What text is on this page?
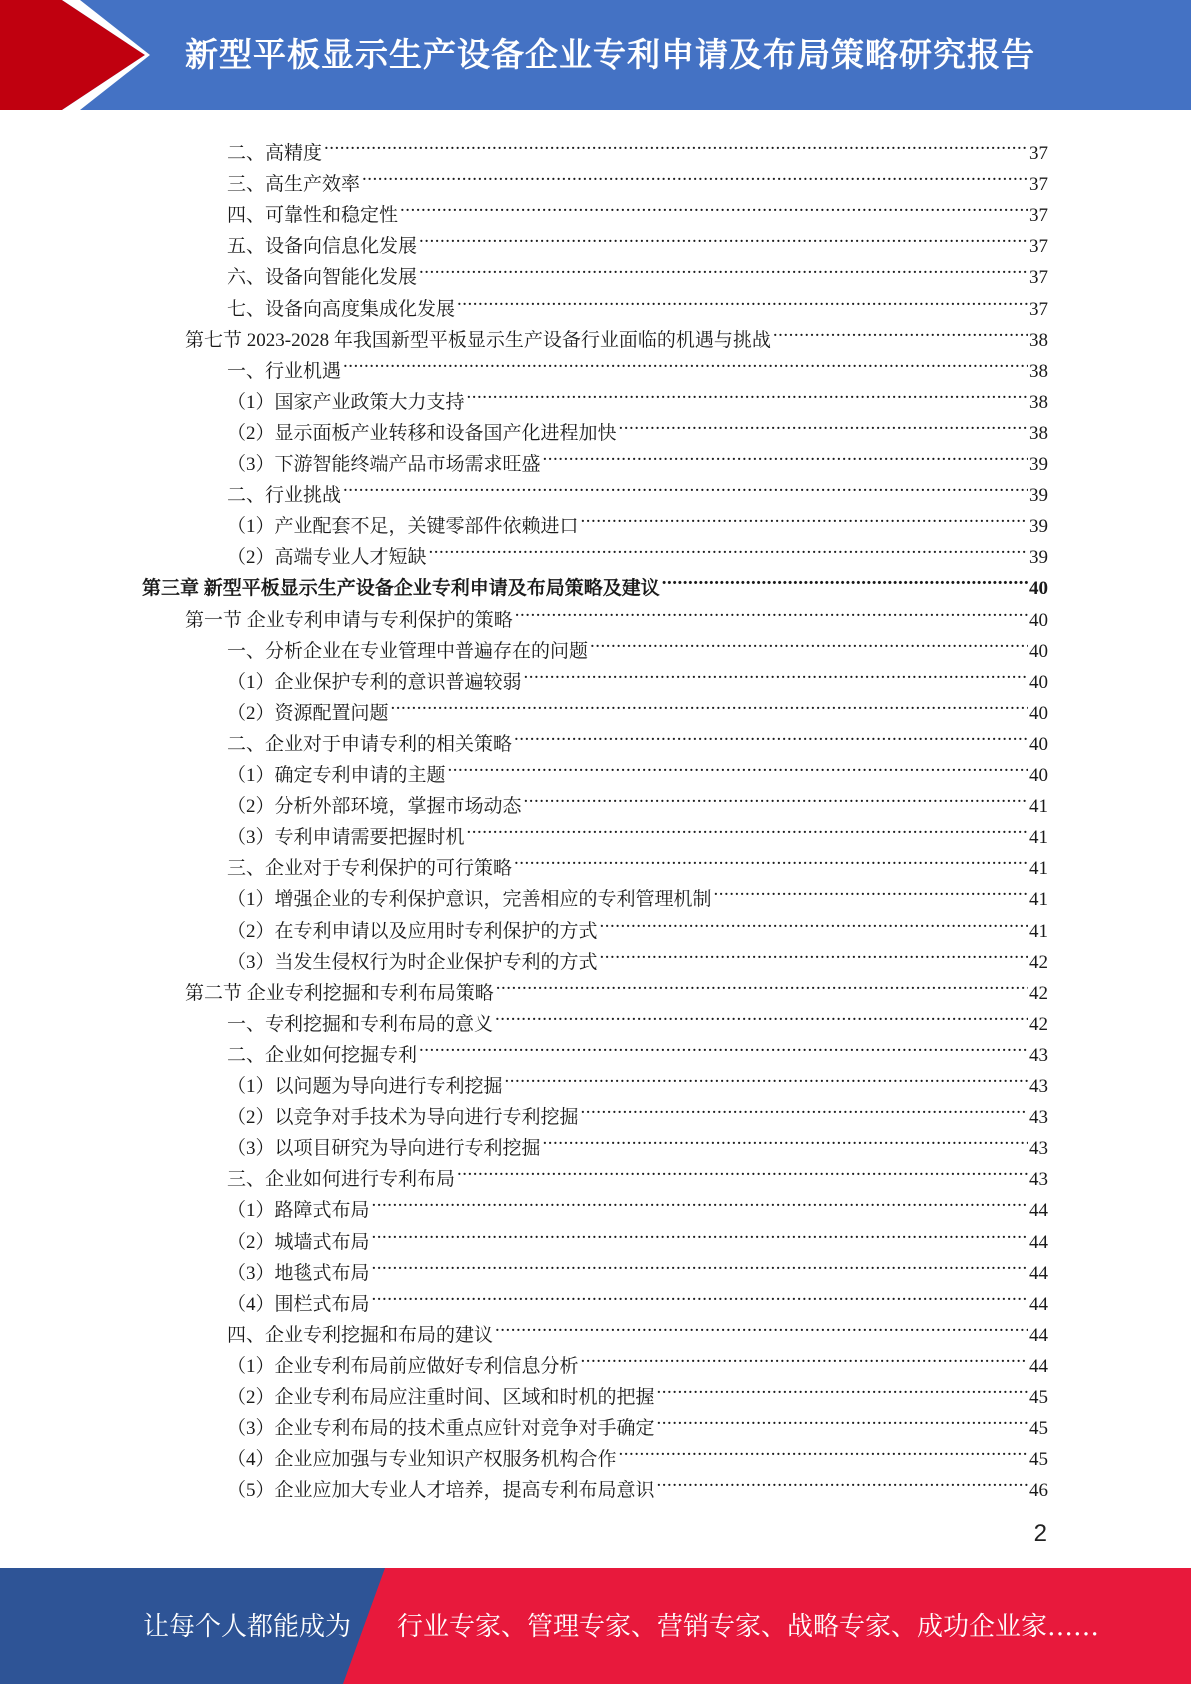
新型平板显示生产设备企业专利申请及布局策略研究报告
二、高精度 .....	37
三、高生产效率 .....	37
四、可靠性和稳定性 .....	37
五、设备向信息化发展 .....	37
六、设备向智能化发展 .....	37
七、设备向高度集成化发展 .....	37
第七节 2023-2028 年我国新型平板显示生产设备行业面临的机遇与挑战 .....	38
一、行业机遇 .....	38
（1）国家产业政策大力支持 .....	38
（2）显示面板产业转移和设备国产化进程加快 .....	38
（3）下游智能终端产品市场需求旺盛 .....	39
二、行业挑战 .....	39
（1）产业配套不足，关键零部件依赖进口 .....	39
（2）高端专业人才短缺 .....	39
第三章 新型平板显示生产设备企业专利申请及布局策略及建议 .....	40
第一节 企业专利申请与专利保护的策略 .....	40
一、分析企业在专业管理中普遍存在的问题 .....	40
（1）企业保护专利的意识普遍较弱 .....	40
（2）资源配置问题 .....	40
二、企业对于申请专利的相关策略 .....	40
（1）确定专利申请的主题 .....	40
（2）分析外部环境，掌握市场动态 .....	41
（3）专利申请需要把握时机 .....	41
三、企业对于专利保护的可行策略 .....	41
（1）增强企业的专利保护意识，完善相应的专利管理机制 .....	41
（2）在专利申请以及应用时专利保护的方式 .....	41
（3）当发生侵权行为时企业保护专利的方式 .....	42
第二节 企业专利挖掘和专利布局策略 .....	42
一、专利挖掘和专利布局的意义 .....	42
二、企业如何挖掘专利 .....	43
（1）以问题为导向进行专利挖掘 .....	43
（2）以竞争对手技术为导向进行专利挖掘 .....	43
（3）以项目研究为导向进行专利挖掘 .....	43
三、企业如何进行专利布局 .....	43
（1）路障式布局 .....	44
（2）城墙式布局 .....	44
（3）地毯式布局 .....	44
（4）围栏式布局 .....	44
四、企业专利挖掘和布局的建议 .....	44
（1）企业专利布局前应做好专利信息分析 .....	44
（2）企业专利布局应注重时间、区域和时机的把握 .....	45
（3）企业专利布局的技术重点应针对竞争对手确定 .....	45
（4）企业应加强与专业知识产权服务机构合作 .....	45
（5）企业应加大专业人才培养，提高专利布局意识 .....	46
2
让每个人都能成为 行业专家、管理专家、营销专家、战略专家、成功企业家……
